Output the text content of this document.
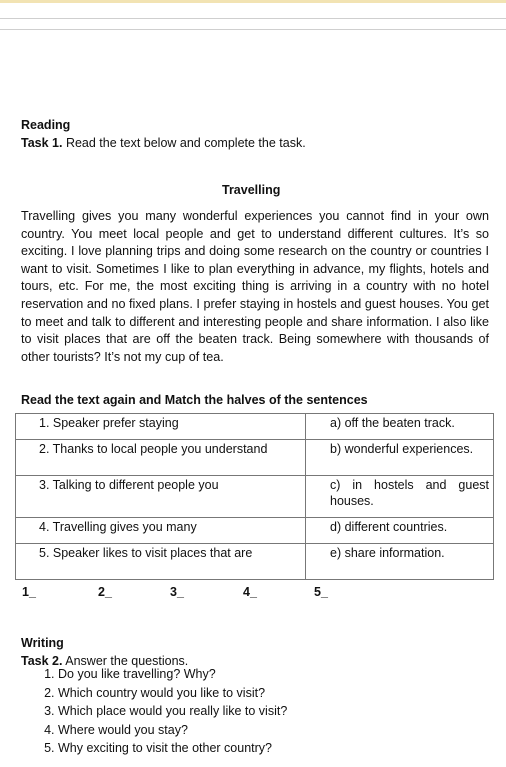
Reading
Task 1. Read the text below and complete the task.
Travelling
Travelling gives you many wonderful experiences you cannot find in your own country. You meet local people and get to understand different cultures. It’s so exciting. I love planning trips and doing some research on the country or countries I want to visit. Sometimes I like to plan everything in advance, my flights, hotels and tours, etc. For me, the most exciting thing is arriving in a country with no hotel reservation and no fixed plans. I prefer staying in hostels and guest houses. You get to meet and talk to different and interesting people and share information. I also like to visit places that are off the beaten track. Being somewhere with thousands of other tourists? It’s not my cup of tea.
Read the text again and Match the halves of the sentences
1. Speaker prefer staying	a) off the beaten track.
2. Thanks to local people you understand	b) wonderful experiences.
3. Talking to different people you	c) in hostels and guest houses.
4. Travelling gives you many	d) different countries.
5. Speaker likes to visit places that are	e) share information.
1_	2_	3_	4_	5_
Writing
Task 2. Answer the questions.
1. Do you like travelling? Why?
2. Which country would you like to visit?
3. Which place would you really like to visit?
4. Where would you stay?
5. Why exciting to visit the other country?
